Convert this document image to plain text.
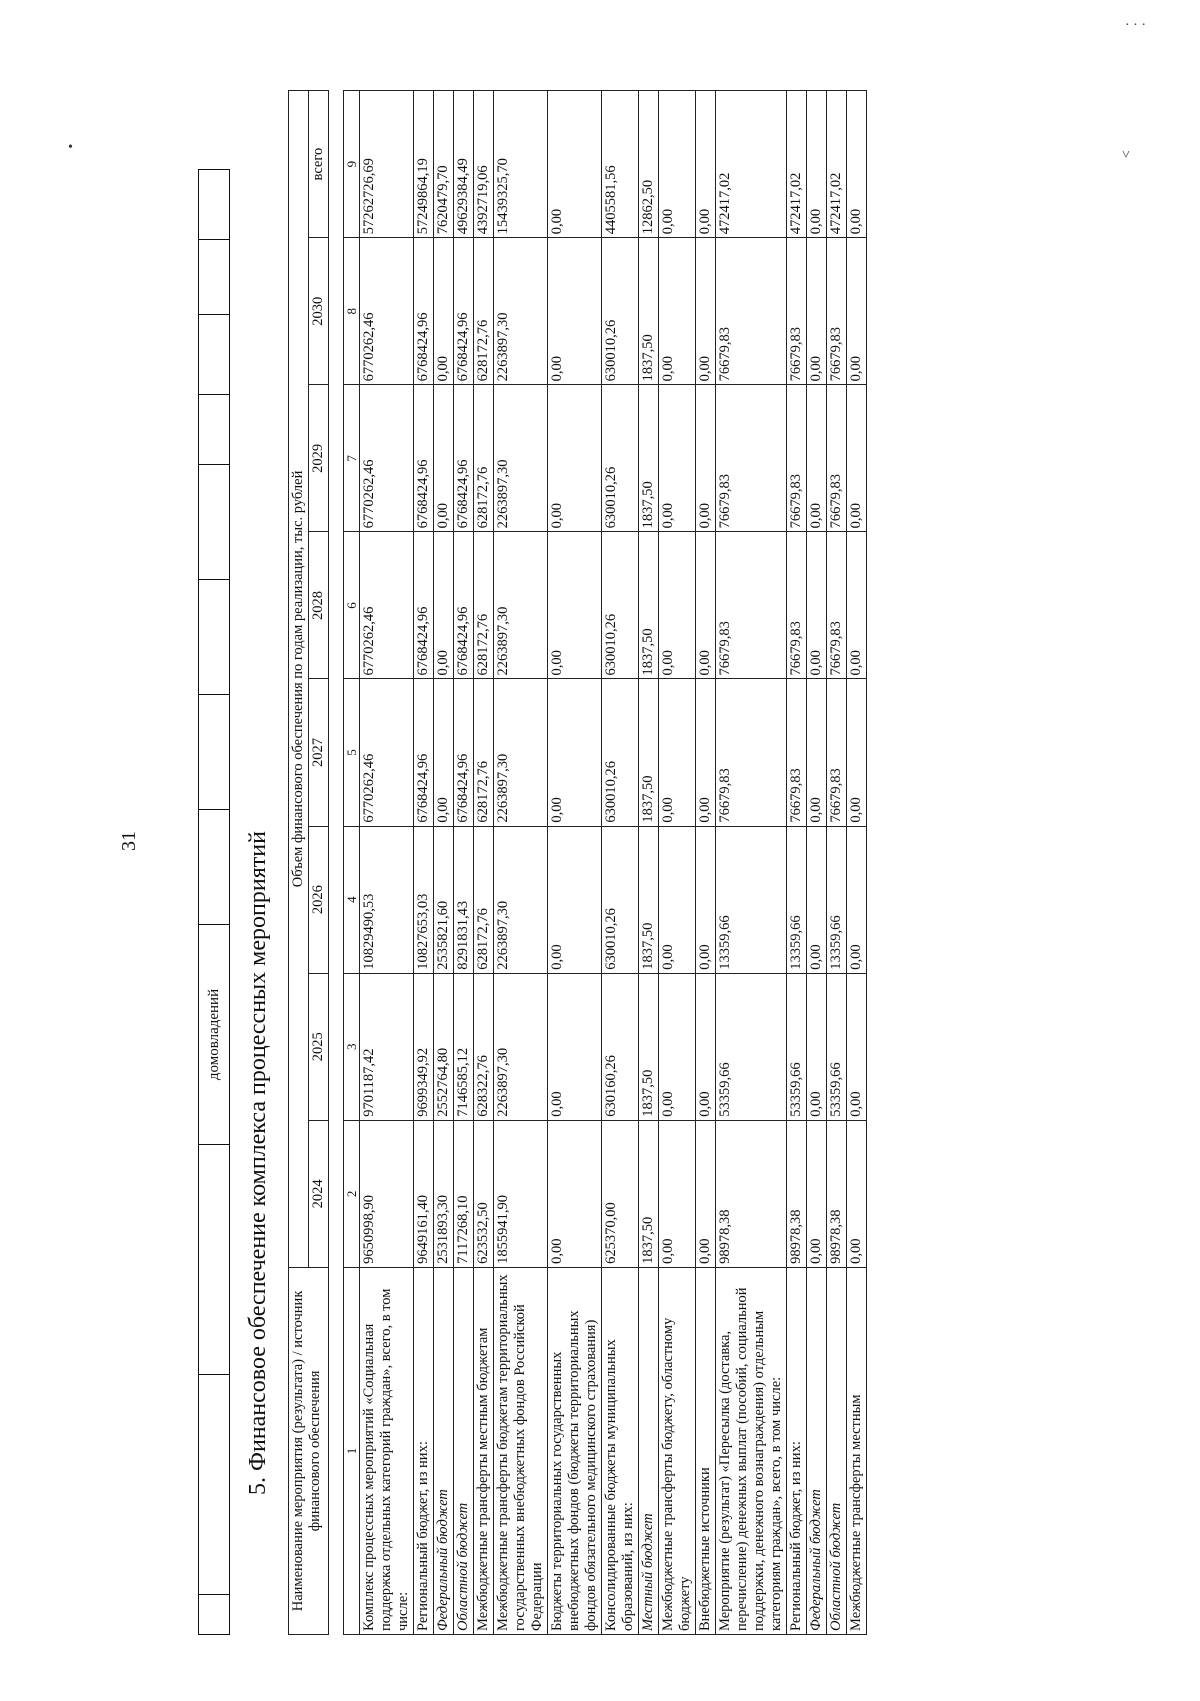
31
•
˅
· · ·
			домовладений								5. Финансовое обеспечение комплекса процессных мероприятий Наименование мероприятия (результата) / источник финансового обеспечения	Объем финансового обеспечения по годам реализации, тыс. рублей							
	2024	2025	2026	2027	2028	2029	2030	всего

1	2	3	4	5	6	7	8	9
Комплекс процессных мероприятий «Социальная поддержка отдельных категорий граждан», всего, в том числе:	9650998,90	9701187,42	10829490,53	6770262,46	6770262,46	6770262,46	6770262,46	57262726,69
Региональный бюджет, из них:	9649161,40	9699349,92	10827653,03	6768424,96	6768424,96	6768424,96	6768424,96	57249864,19
Федеральный бюджет	2531893,30	2552764,80	2535821,60	0,00	0,00	0,00	0,00	7620479,70
Областной бюджет	7117268,10	7146585,12	8291831,43	6768424,96	6768424,96	6768424,96	6768424,96	49629384,49
Межбюджетные трансферты местным бюджетам	623532,50	628322,76	628172,76	628172,76	628172,76	628172,76	628172,76	4392719,06
Межбюджетные трансферты бюджетам территориальных государственных внебюджетных фондов Российской Федерации	1855941,90	2263897,30	2263897,30	2263897,30	2263897,30	2263897,30	2263897,30	15439325,70
Бюджеты территориальных государственных внебюджетных фондов (бюджеты территориальных фондов обязательного медицинского страхования)	0,00	0,00	0,00	0,00	0,00	0,00	0,00	0,00
Консолидированные бюджеты муниципальных образований, из них:	625370,00	630160,26	630010,26	630010,26	630010,26	630010,26	630010,26	4405581,56
Местный бюджет	1837,50	1837,50	1837,50	1837,50	1837,50	1837,50	1837,50	12862,50
Межбюджетные трансферты бюджету, областному бюджету	0,00	0,00	0,00	0,00	0,00	0,00	0,00	0,00
Внебюджетные источники	0,00	0,00	0,00	0,00	0,00	0,00	0,00	0,00
Мероприятие (результат) «Пересылка (доставка, перечисление) денежных выплат (пособий, социальной поддержки, денежного вознаграждения) отдельным категориям граждан», всего, в том числе:	98978,38	53359,66	13359,66	76679,83	76679,83	76679,83	76679,83	472417,02
Региональный бюджет, из них:	98978,38	53359,66	13359,66	76679,83	76679,83	76679,83	76679,83	472417,02
Федеральный бюджет	0,00	0,00	0,00	0,00	0,00	0,00	0,00	0,00
Областной бюджет	98978,38	53359,66	13359,66	76679,83	76679,83	76679,83	76679,83	472417,02
Межбюджетные трансферты местным	0,00	0,00	0,00	0,00	0,00	0,00	0,00	0,00
